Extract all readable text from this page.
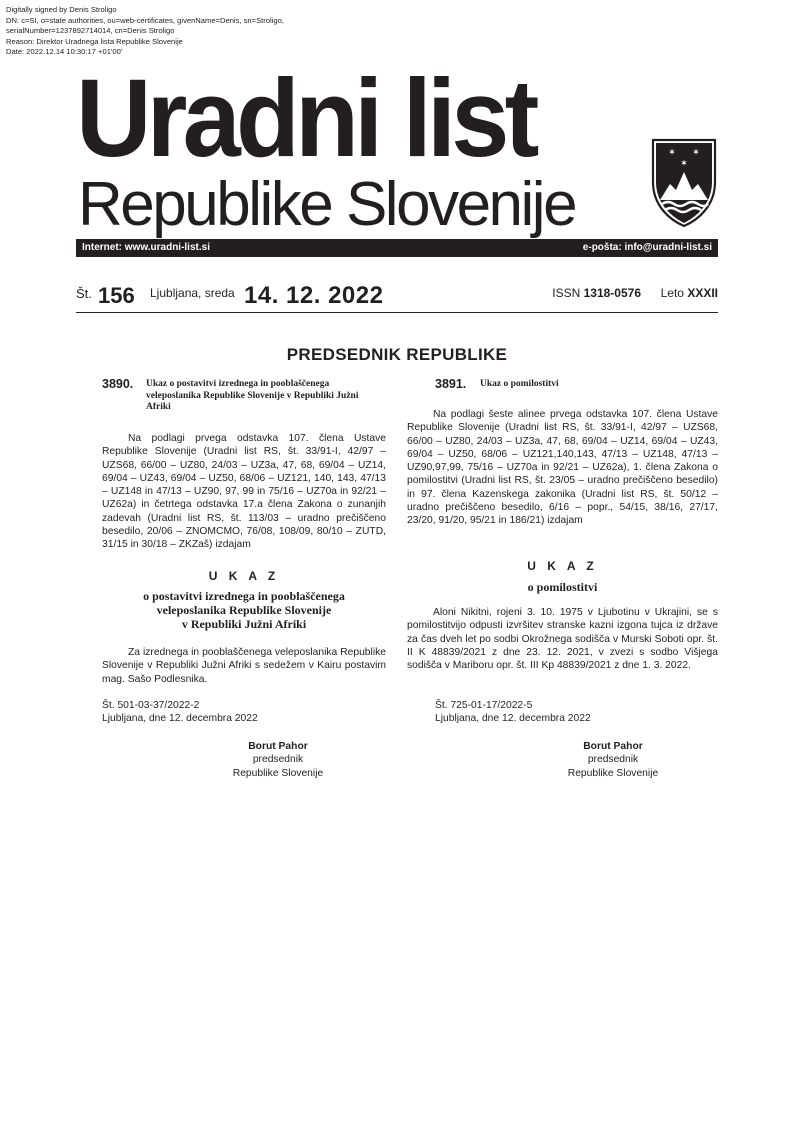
Digitally signed by Denis Stroligo
DN: c=SI, o=state authorities, ou=web-certificates, givenName=Denis, sn=Stroligo,
serialNumber=1237892714014, cn=Denis Stroligo
Reason: Direktor Uradnega lista Republike Slovenije
Date: 2022.12.14 10:30:17 +01'00'
Uradni list
Republike Slovenije
✶ ✶
✶
Internet: www.uradni-list.si	e-pošta: info@uradni-list.si
Št. 156 Ljubljana, sreda 14. 12. 2022	ISSN 1318-0576 Leto XXXII
PREDSEDNIK REPUBLIKE
3890. Ukaz o postavitvi izrednega in pooblaščenega veleposlanika Republike Slovenije v Republiki Južni Afriki
Na podlagi prvega odstavka 107. člena Ustave Republike Slovenije (Uradni list RS, št. 33/91-I, 42/97 – UZS68, 66/00 – UZ80, 24/03 – UZ3a, 47, 68, 69/04 – UZ14, 69/04 – UZ43, 69/04 – UZ50, 68/06 – UZ121, 140, 143, 47/13 – UZ148 in 47/13 – UZ90, 97, 99 in 75/16 – UZ70a in 92/21 – UZ62a) in četrtega odstavka 17.a člena Zakona o zunanjih zadevah (Uradni list RS, št. 113/03 – uradno prečiščeno besedilo, 20/06 – ZNOMCMO, 76/08, 108/09, 80/10 – ZUTD, 31/15 in 30/18 – ZKZaš) izdajam
U K A Z
o postavitvi izrednega in pooblaščenega
veleposlanika Republike Slovenije
v Republiki Južni Afriki
Za izrednega in pooblaščenega veleposlanika Republike Slovenije v Republiki Južni Afriki s sedežem v Kairu postavim mag. Sašo Podlesnika.
Št. 501-03-37/2022-2
Ljubljana, dne 12. decembra 2022
Borut Pahor
predsednik
Republike Slovenije
3891. Ukaz o pomilostitvi
Na podlagi šeste alinee prvega odstavka 107. člena Ustave Republike Slovenije (Uradni list RS, št. 33/91-I, 42/97 – UZS68, 66/00 – UZ80, 24/03 – UZ3a, 47, 68, 69/04 – UZ14, 69/04 – UZ43, 69/04 – UZ50, 68/06 – UZ121,140,143, 47/13 – UZ148, 47/13 – UZ90,97,99, 75/16 – UZ70a in 92/21 – UZ62a), 1. člena Zakona o pomilostitvi (Uradni list RS, št. 23/05 – uradno prečiščeno besedilo) in 97. člena Kazenskega zakonika (Uradni list RS, št. 50/12 – uradno prečiščeno besedilo, 6/16 – popr., 54/15, 38/16, 27/17, 23/20, 91/20, 95/21 in 186/21) izdajam
U K A Z
o pomilostitvi
Aloni Nikitni, rojeni 3. 10. 1975 v Ljubotinu v Ukrajini, se s pomilostitvijo odpusti izvršitev stranske kazni izgona tujca iz države za čas dveh let po sodbi Okrožnega sodišča v Murski Soboti opr. št. II K 48839/2021 z dne 23. 12. 2021, v zvezi s sodbo Višjega sodišča v Mariboru opr. št. III Kp 48839/2021 z dne 1. 3. 2022.
Št. 725-01-17/2022-5
Ljubljana, dne 12. decembra 2022
Borut Pahor
predsednik
Republike Slovenije
